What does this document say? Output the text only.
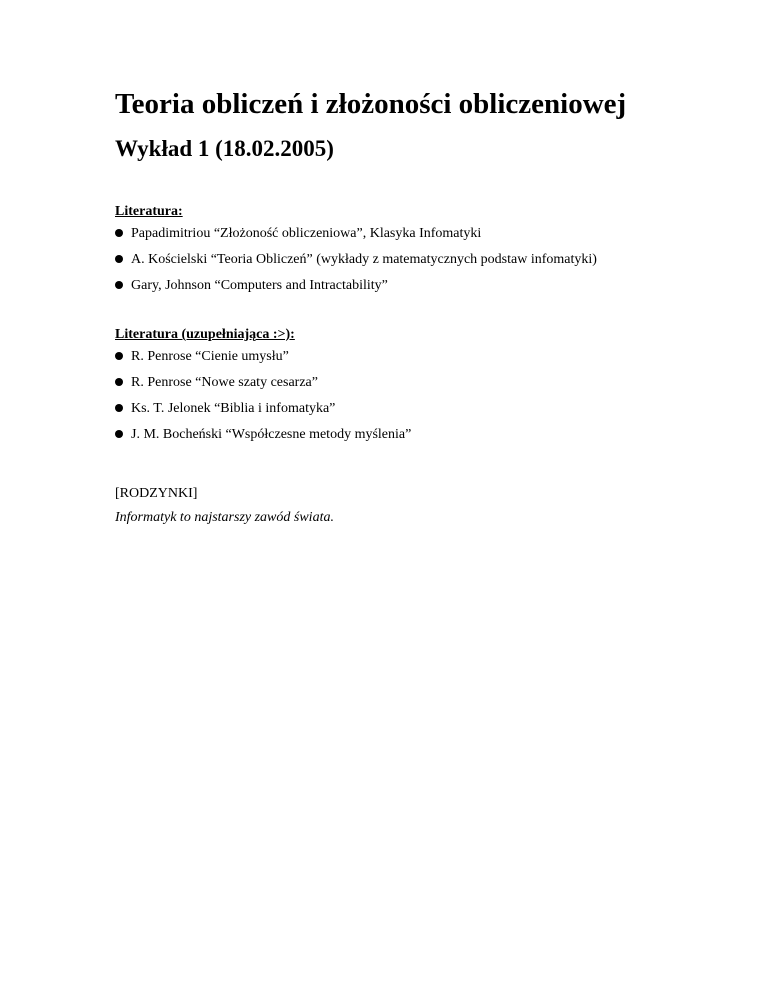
Teoria obliczeń i złożoności obliczeniowej
Wykład 1 (18.02.2005)

Literatura:

Papadimitriou “Złożoność obliczeniowa”, Klasyka Infomatyki
A. Kościelski “Teoria Obliczeń” (wykłady z matematycznych podstaw infomatyki)
Gary, Johnson “Computers and Intractability”

Literatura (uzupełniająca :>):

R. Penrose “Cienie umysłu”
R. Penrose “Nowe szaty cesarza”
Ks. T. Jelonek “Biblia i infomatyka”
J. M. Bocheński “Współczesne metody myślenia”

[RODZYNKI]

Informatyk to najstarszy zawód świata.
